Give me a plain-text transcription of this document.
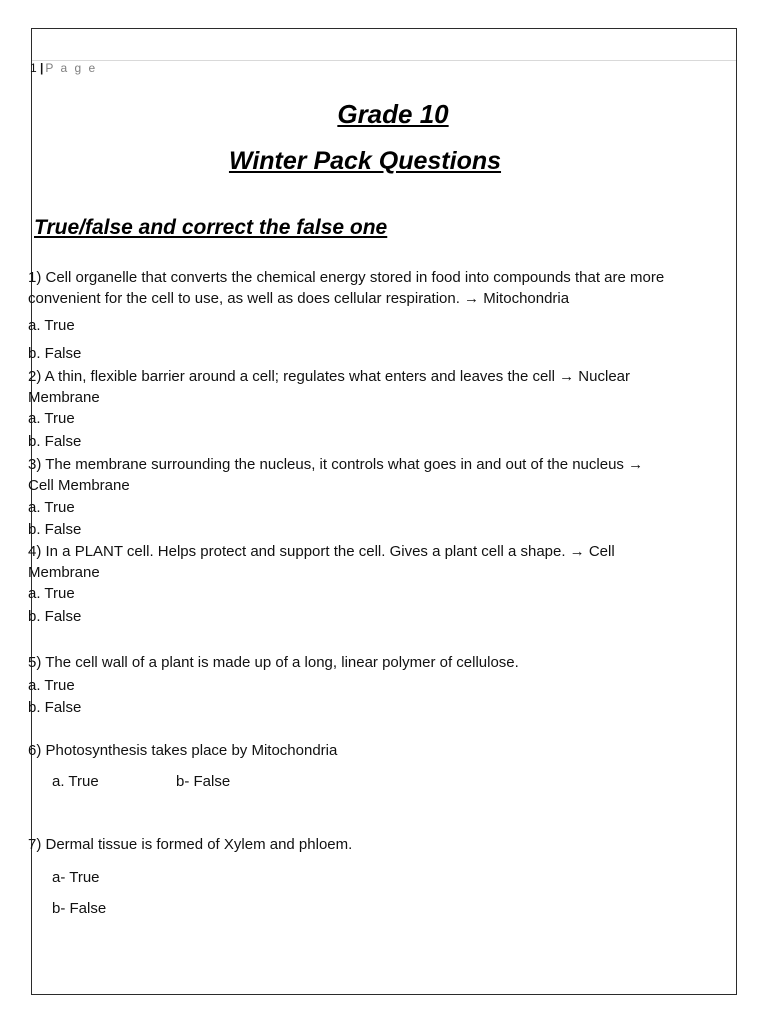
1 | P a g e
Grade 10
Winter Pack Questions
True/false and correct the false one
1) Cell organelle that converts the chemical energy stored in food into compounds that are more
convenient for the cell to use, as well as does cellular respiration. → Mitochondria
a. True
b. False
2) A thin, flexible barrier around a cell; regulates what enters and leaves the cell → Nuclear
Membrane
a. True
b. False
3) The membrane surrounding the nucleus, it controls what goes in and out of the nucleus →
Cell Membrane
a. True
b. False
4) In a PLANT cell. Helps protect and support the cell. Gives a plant cell a shape. → Cell
Membrane
a. True
b. False
5) The cell wall of a plant is made up of a long, linear polymer of cellulose.
a. True
b. False
6) Photosynthesis takes place by Mitochondria
a. True	b- False
7) Dermal tissue is formed of Xylem and phloem.
a- True
b- False
